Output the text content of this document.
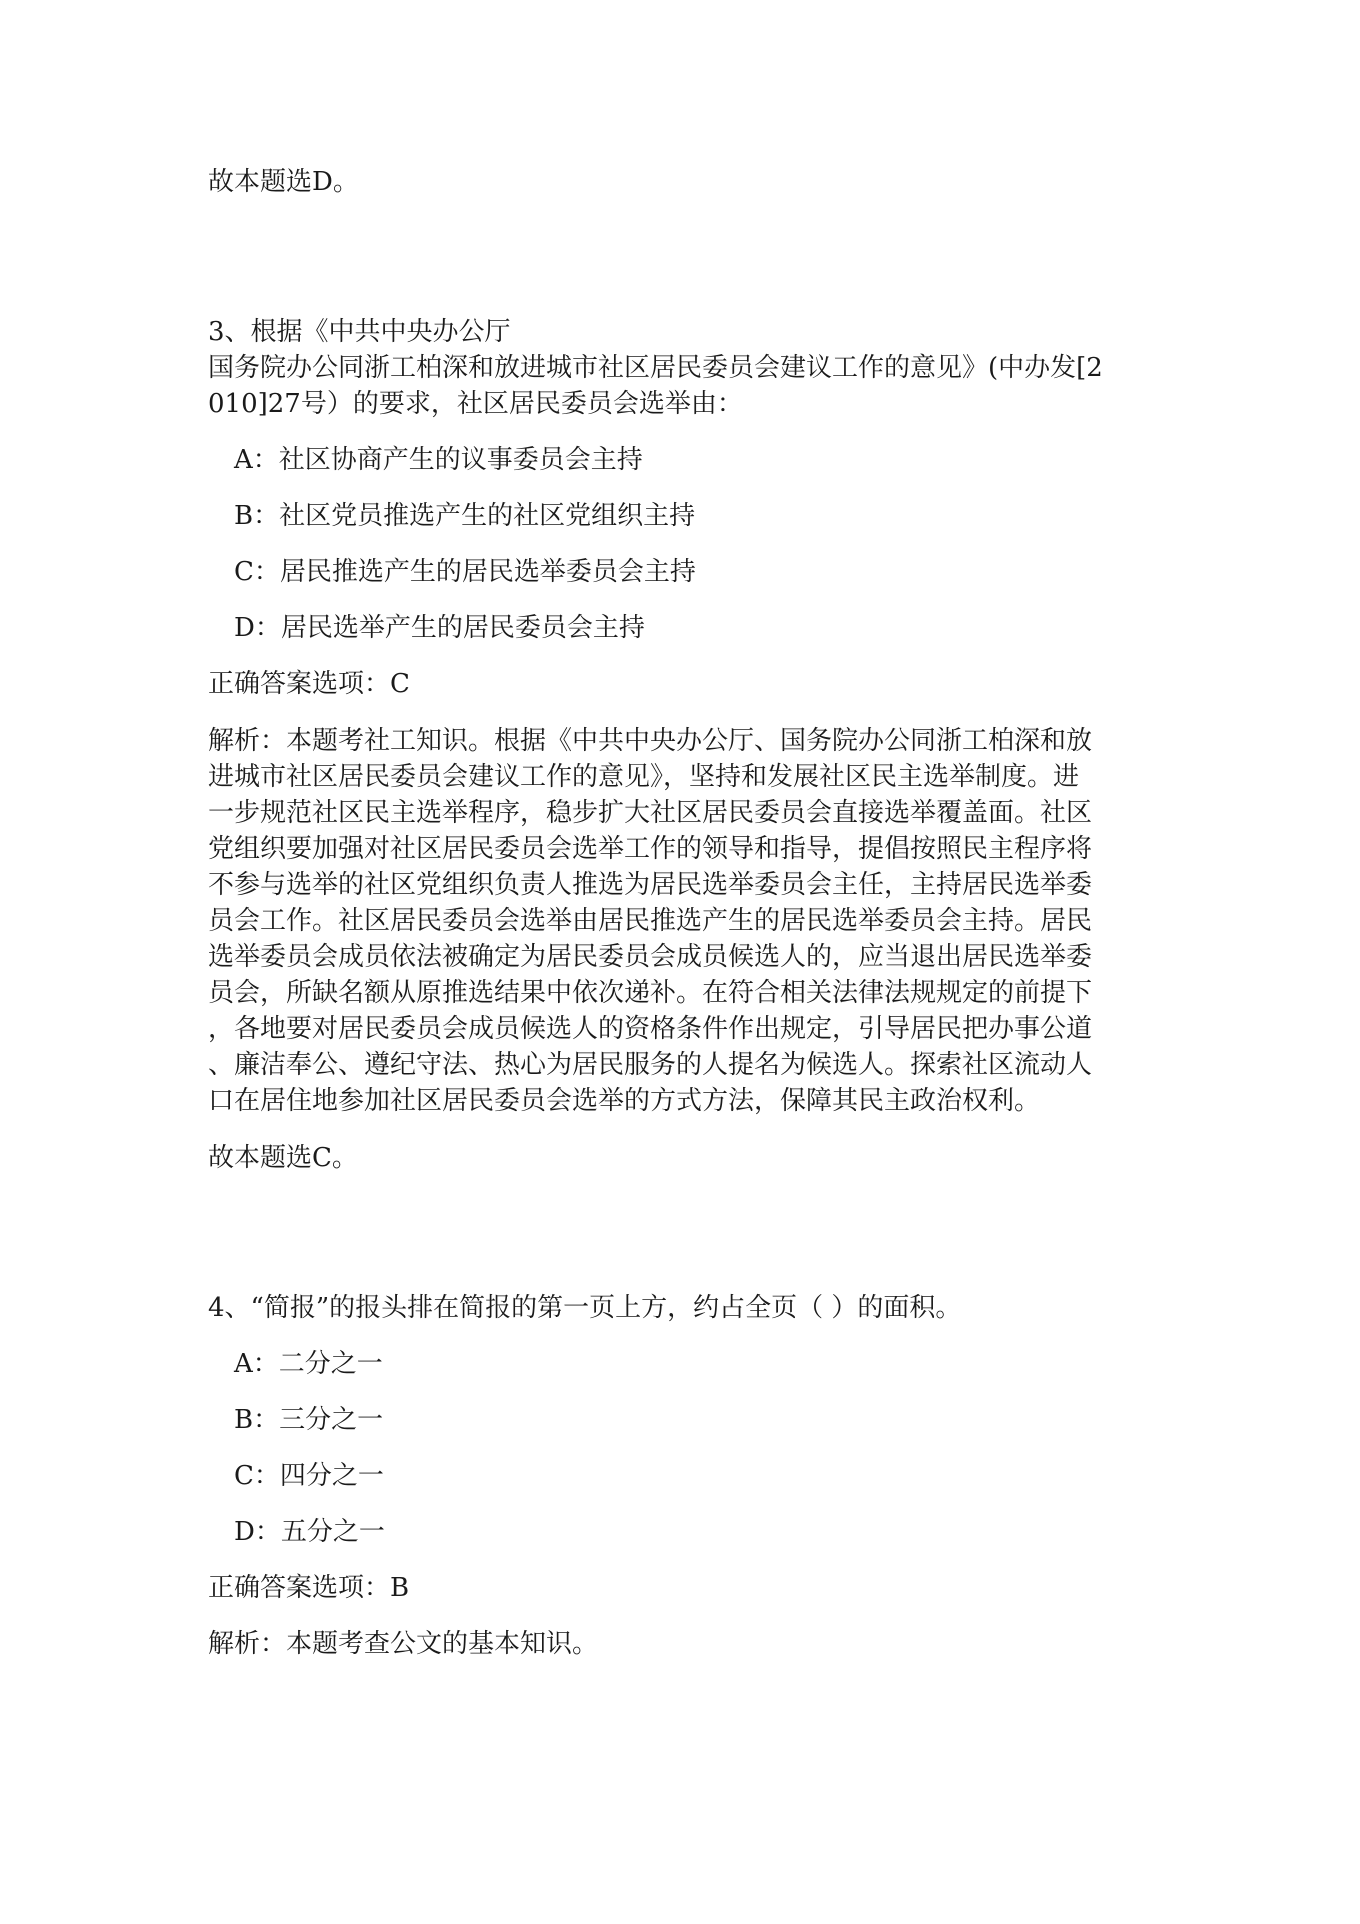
故本题选D。
3、根据《中共中央办公厅
国务院办公同浙工柏深和放进城市社区居民委员会建议工作的意见》(中办发[2
010]27号）的要求，社区居民委员会选举由：
A：社区协商产生的议事委员会主持
B：社区党员推选产生的社区党组织主持
C：居民推选产生的居民选举委员会主持
D：居民选举产生的居民委员会主持
正确答案选项：C
解析：本题考社工知识。根据《中共中央办公厅、国务院办公同浙工柏深和放
进城市社区居民委员会建议工作的意见》，坚持和发展社区民主选举制度。进
一步规范社区民主选举程序，稳步扩大社区居民委员会直接选举覆盖面。社区
党组织要加强对社区居民委员会选举工作的领导和指导，提倡按照民主程序将
不参与选举的社区党组织负责人推选为居民选举委员会主任，主持居民选举委
员会工作。社区居民委员会选举由居民推选产生的居民选举委员会主持。居民
选举委员会成员依法被确定为居民委员会成员候选人的，应当退出居民选举委
员会，所缺名额从原推选结果中依次递补。在符合相关法律法规规定的前提下
，各地要对居民委员会成员候选人的资格条件作出规定，引导居民把办事公道
、廉洁奉公、遵纪守法、热心为居民服务的人提名为候选人。探索社区流动人
口在居住地参加社区居民委员会选举的方式方法，保障其民主政治权利。
故本题选C。
4、“简报”的报头排在简报的第一页上方，约占全页（ ）的面积。
A：二分之一
B：三分之一
C：四分之一
D：五分之一
正确答案选项：B
解析：本题考查公文的基本知识。
